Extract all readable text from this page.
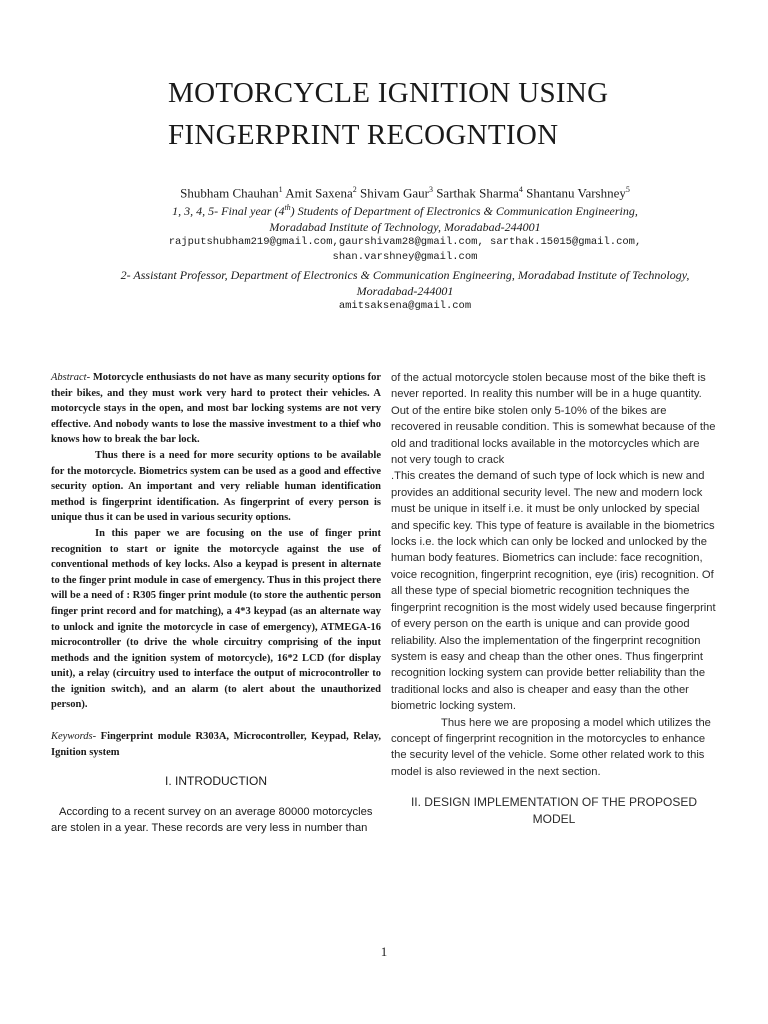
MOTORCYCLE IGNITION USING
FINGERPRINT RECOGNTION
Shubham Chauhan$^1$ Amit Saxena$^2$ Shivam Gaur$^3$ Sarthak Sharma$^4$ Shantanu Varshney$^5$
1, 3, 4, 5- Final year (4th) Students of Department of Electronics & Communication Engineering,
Moradabad Institute of Technology, Moradabad-244001
rajputshubham219@gmail.com,gaurshivam28@gmail.com, sarthak.15015@gmail.com,
shan.varshney@gmail.com
2- Assistant Professor, Department of Electronics & Communication Engineering, Moradabad Institute of Technology,
Moradabad-244001
amitsaksena@gmail.com

Abstract- Motorcycle enthusiasts do not have as many security options for their bikes, and they must work very hard to protect their vehicles. A motorcycle stays in the open, and most bar locking systems are not very effective. And nobody wants to lose the massive investment to a thief who knows how to break the bar lock.

Thus there is a need for more security options to be available for the motorcycle. Biometrics system can be used as a good and effective security option. An important and very reliable human identification method is fingerprint identification. As fingerprint of every person is unique thus it can be used in various security options.

In this paper we are focusing on the use of finger print recognition to start or ignite the motorcycle against the use of conventional methods of key locks. Also a keypad is present in alternate to the finger print module in case of emergency. Thus in this project there will be a need of : R305 finger print module (to store the authentic person finger print record and for matching), a 4*3 keypad (as an alternate way to unlock and ignite the motorcycle in case of emergency), ATMEGA-16 microcontroller (to drive the whole circuitry comprising of the input methods and the ignition system of motorcycle), 16*2 LCD (for display unit), a relay (circuitry used to interface the output of microcontroller to the ignition switch), and an alarm (to alert about the unauthorized person).

Keywords- Fingerprint module R303A, Microcontroller, Keypad, Relay, Ignition system

I. INTRODUCTION

According to a recent survey on an average 80000 motorcycles are stolen in a year. These records are very less in number than

of the actual motorcycle stolen because most of the bike theft is never reported. In reality this number will be in a huge quantity. Out of the entire bike stolen only 5-10% of the bikes are recovered in reusable condition. This is somewhat because of the old and traditional locks available in the motorcycles which are not very tough to crack

.This creates the demand of such type of lock which is new and provides an additional security level. The new and modern lock must be unique in itself i.e. it must be only unlocked by special and specific key. This type of feature is available in the biometrics locks i.e. the lock which can only be locked and unlocked by the human body features. Biometrics can include: face recognition, voice recognition, fingerprint recognition, eye (iris) recognition. Of all these type of special biometric recognition techniques the fingerprint recognition is the most widely used because fingerprint of every person on the earth is unique and can provide good reliability. Also the implementation of the fingerprint recognition system is easy and cheap than the other ones. Thus fingerprint recognition locking system can provide better reliability than the traditional locks and also is cheaper and easy than the other biometric locking system.

Thus here we are proposing a model which utilizes the concept of fingerprint recognition in the motorcycles to enhance the security level of the vehicle. Some other related work to this model is also reviewed in the next section.

II. DESIGN IMPLEMENTATION OF THE PROPOSED
MODEL

1
